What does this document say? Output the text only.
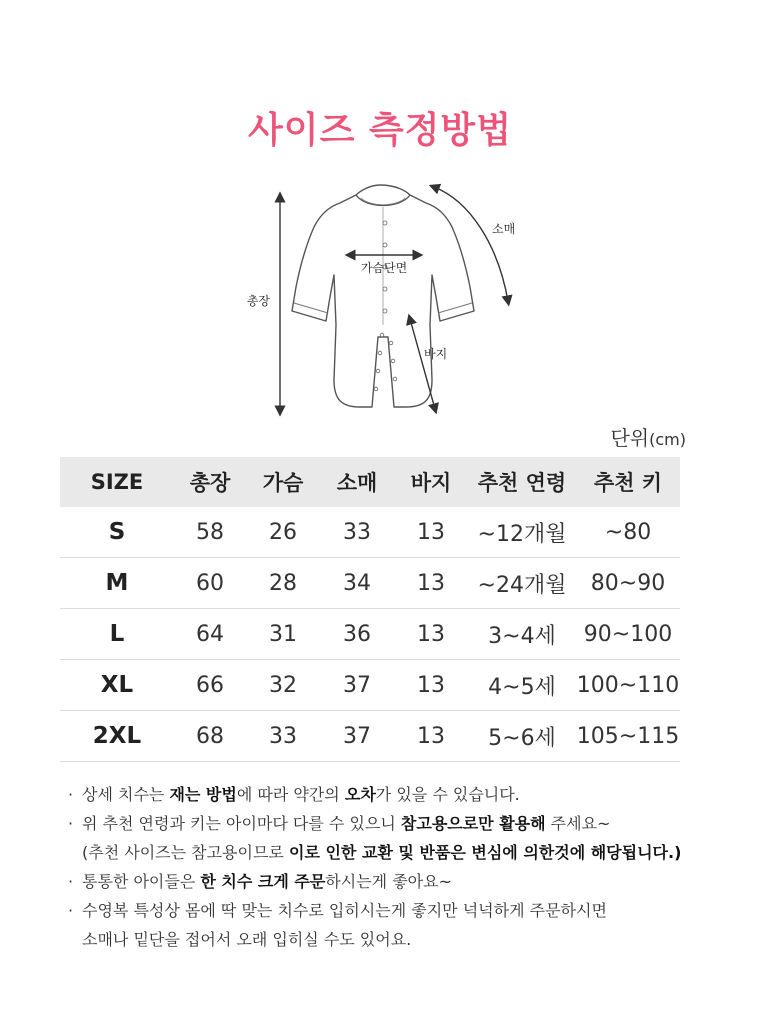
사이즈 측정방법
총장
가슴단면
소매
바지
단위(cm)
SIZE	총장	가슴	소매	바지	추천 연령	추천 키
S	58	26	33	13	~12개월	~80
M	60	28	34	13	~24개월	80~90
L	64	31	36	13	3~4세	90~100
XL	66	32	37	13	4~5세	100~110
2XL	68	33	37	13	5~6세	105~115
· 상세 치수는 재는 방법에 따라 약간의 오차가 있을 수 있습니다.
· 위 추천 연령과 키는 아이마다 다를 수 있으니 참고용으로만 활용해 주세요~
(추천 사이즈는 참고용이므로 이로 인한 교환 및 반품은 변심에 의한것에 해당됩니다.)
· 통통한 아이들은 한 치수 크게 주문하시는게 좋아요~
· 수영복 특성상 몸에 딱 맞는 치수로 입히시는게 좋지만 넉넉하게 주문하시면
소매나 밑단을 접어서 오래 입히실 수도 있어요.
